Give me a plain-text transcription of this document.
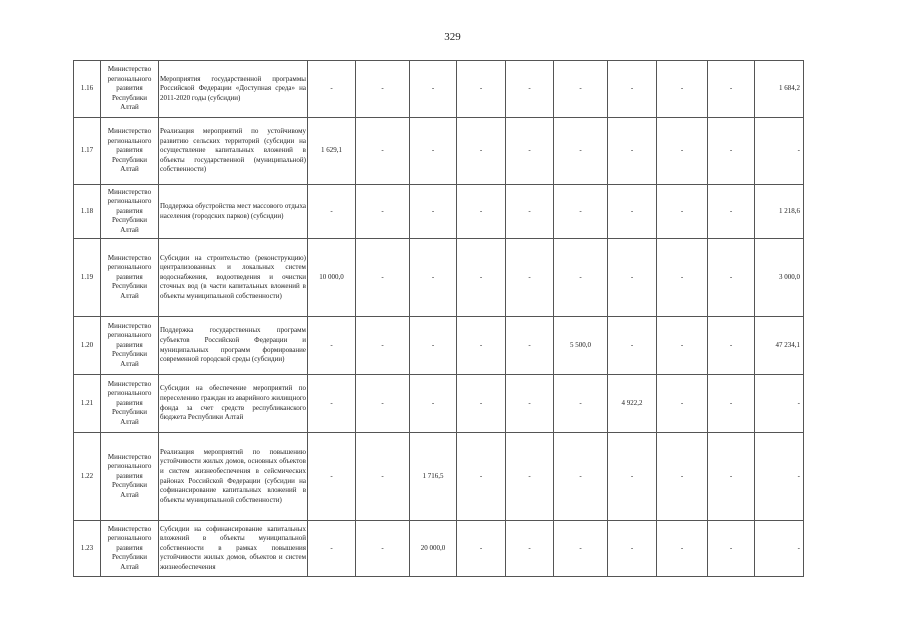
329
1.16	Министерство регионального развития Республики Алтай	Мероприятия государственной программы Российской Федерации «Доступная среда» на 2011-2020 годы (субсидии)	-	-	-	-	-	-	-	-	-	1 684,2
1.17	Министерство регионального развития Республики Алтай	Реализация мероприятий по устойчивому развитию сельских территорий (субсидии на осуществление капитальных вложений в объекты государственной (муниципальной) собственности)	1 629,1	-	-	-	-	-	-	-	-	-
1.18	Министерство регионального развития Республики Алтай	Поддержка обустройства мест массового отдыха населения (городских парков) (субсидии)	-	-	-	-	-	-	-	-	-	1 218,6
1.19	Министерство регионального развития Республики Алтай	Субсидии на строительство (реконструкцию) централизованных и локальных систем водоснабжения, водоотведения и очистки сточных вод (в части капитальных вложений в объекты муниципальной собственности)	10 000,0	-	-	-	-	-	-	-	-	3 000,0
1.20	Министерство регионального развития Республики Алтай	Поддержка государственных программ субъектов Российской Федерации и муниципальных программ формирование современной городской среды (субсидии)	-	-	-	-	-	5 500,0	-	-	-	47 234,1
1.21	Министерство регионального развития Республики Алтай	Субсидии на обеспечение мероприятий по переселению граждан из аварийного жилищного фонда за счет средств республиканского бюджета Республики Алтай	-	-	-	-	-	-	4 922,2	-	-	-
1.22	Министерство регионального развития Республики Алтай	Реализация мероприятий по повышению устойчивости жилых домов, основных объектов и систем жизнеобеспечения в сейсмических районах Российской Федерации (субсидии на софинансирование капитальных вложений в объекты муниципальной собственности)	-	-	1 716,5	-	-	-	-	-	-	-
1.23	Министерство регионального развития Республики Алтай	Субсидии на софинансирование капитальных вложений в объекты муниципальной собственности в рамках повышения устойчивости жилых домов, объектов и систем жизнеобеспечения	-	-	20 000,0	-	-	-	-	-	-	-
